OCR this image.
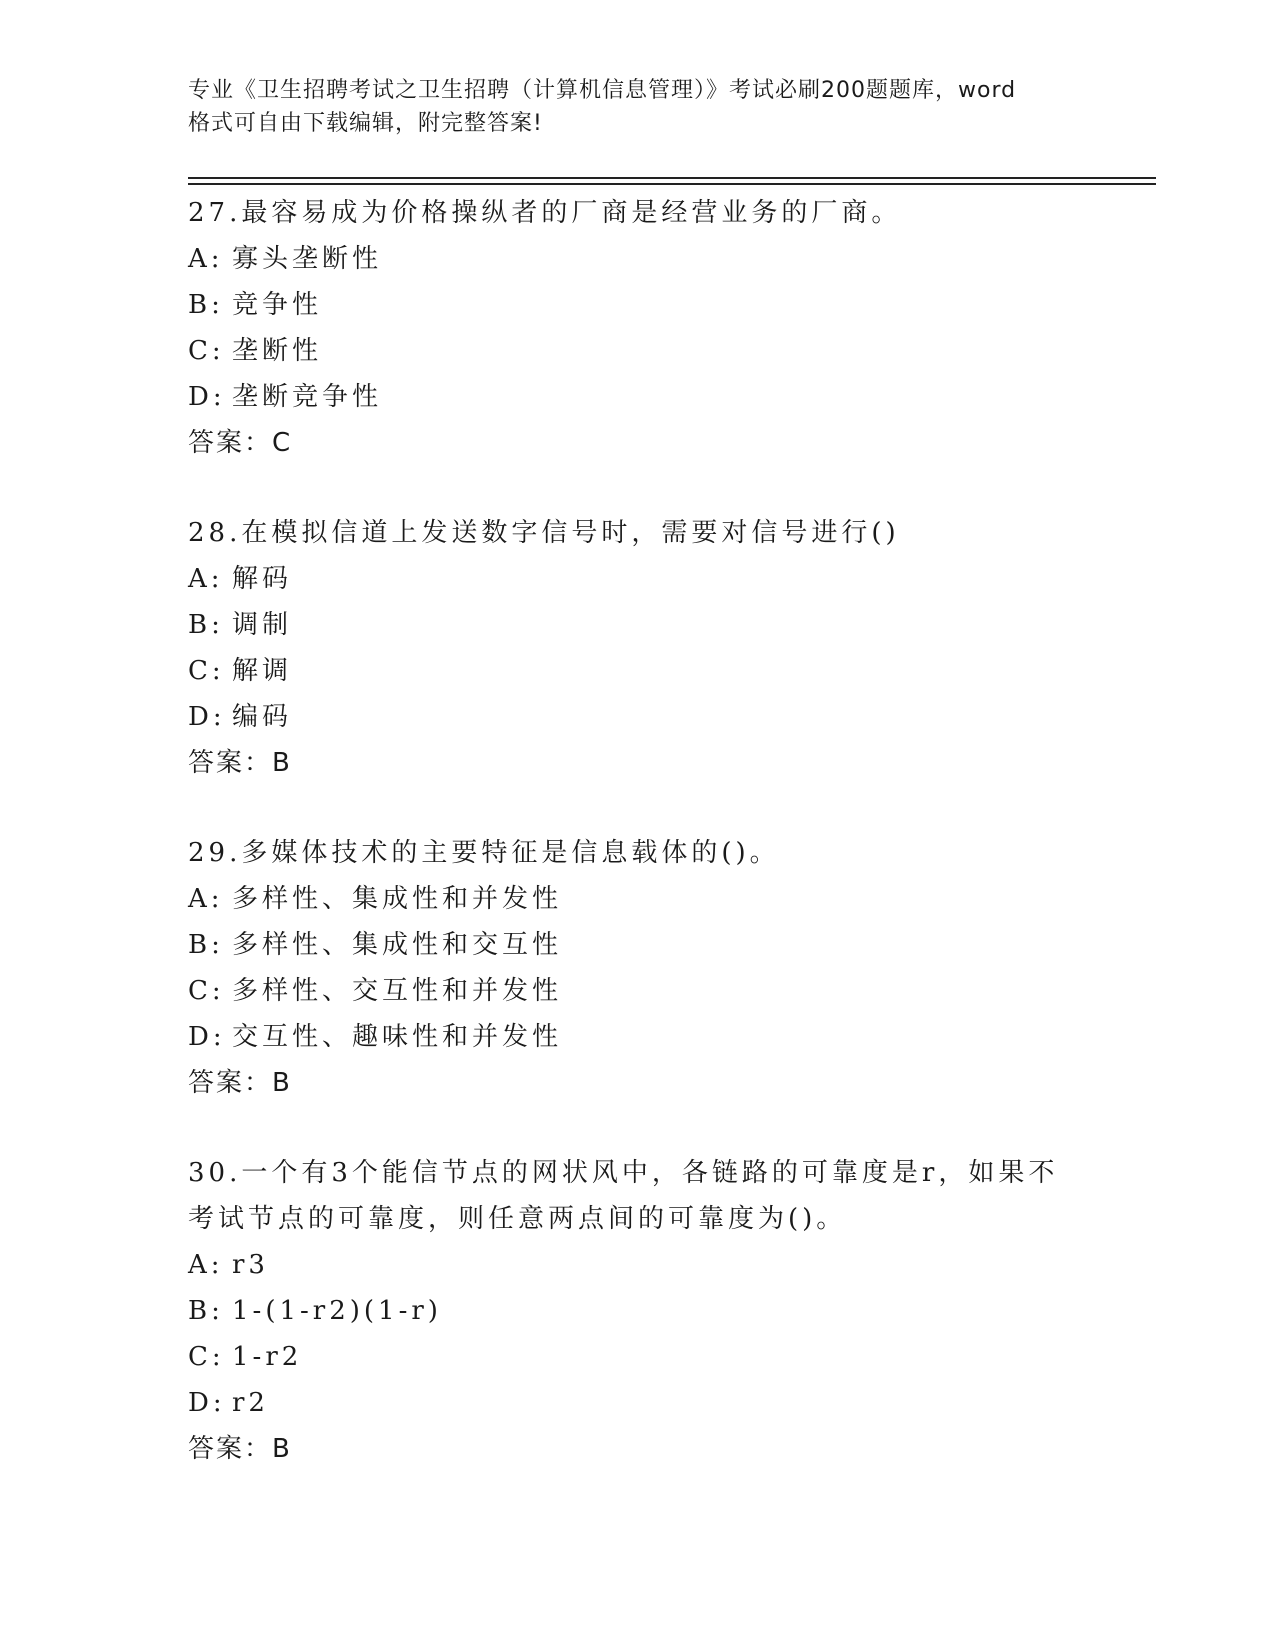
专业《卫生招聘考试之卫生招聘（计算机信息管理）》考试必刷200题题库，word
格式可自由下载编辑，附完整答案!
27.最容易成为价格操纵者的厂商是经营业务的厂商。
A: 寡头垄断性
B: 竞争性
C: 垄断性
D: 垄断竞争性
答案：C
28.在模拟信道上发送数字信号时，需要对信号进行()
A: 解码
B: 调制
C: 解调
D: 编码
答案：B
29.多媒体技术的主要特征是信息载体的()。
A: 多样性、集成性和并发性
B: 多样性、集成性和交互性
C: 多样性、交互性和并发性
D: 交互性、趣味性和并发性
答案：B
30.一个有3个能信节点的网状风中，各链路的可靠度是r，如果不考试节点的可靠度，则任意两点间的可靠度为()。
A: r3
B: 1-(1-r2)(1-r)
C: 1-r2
D: r2
答案：B
